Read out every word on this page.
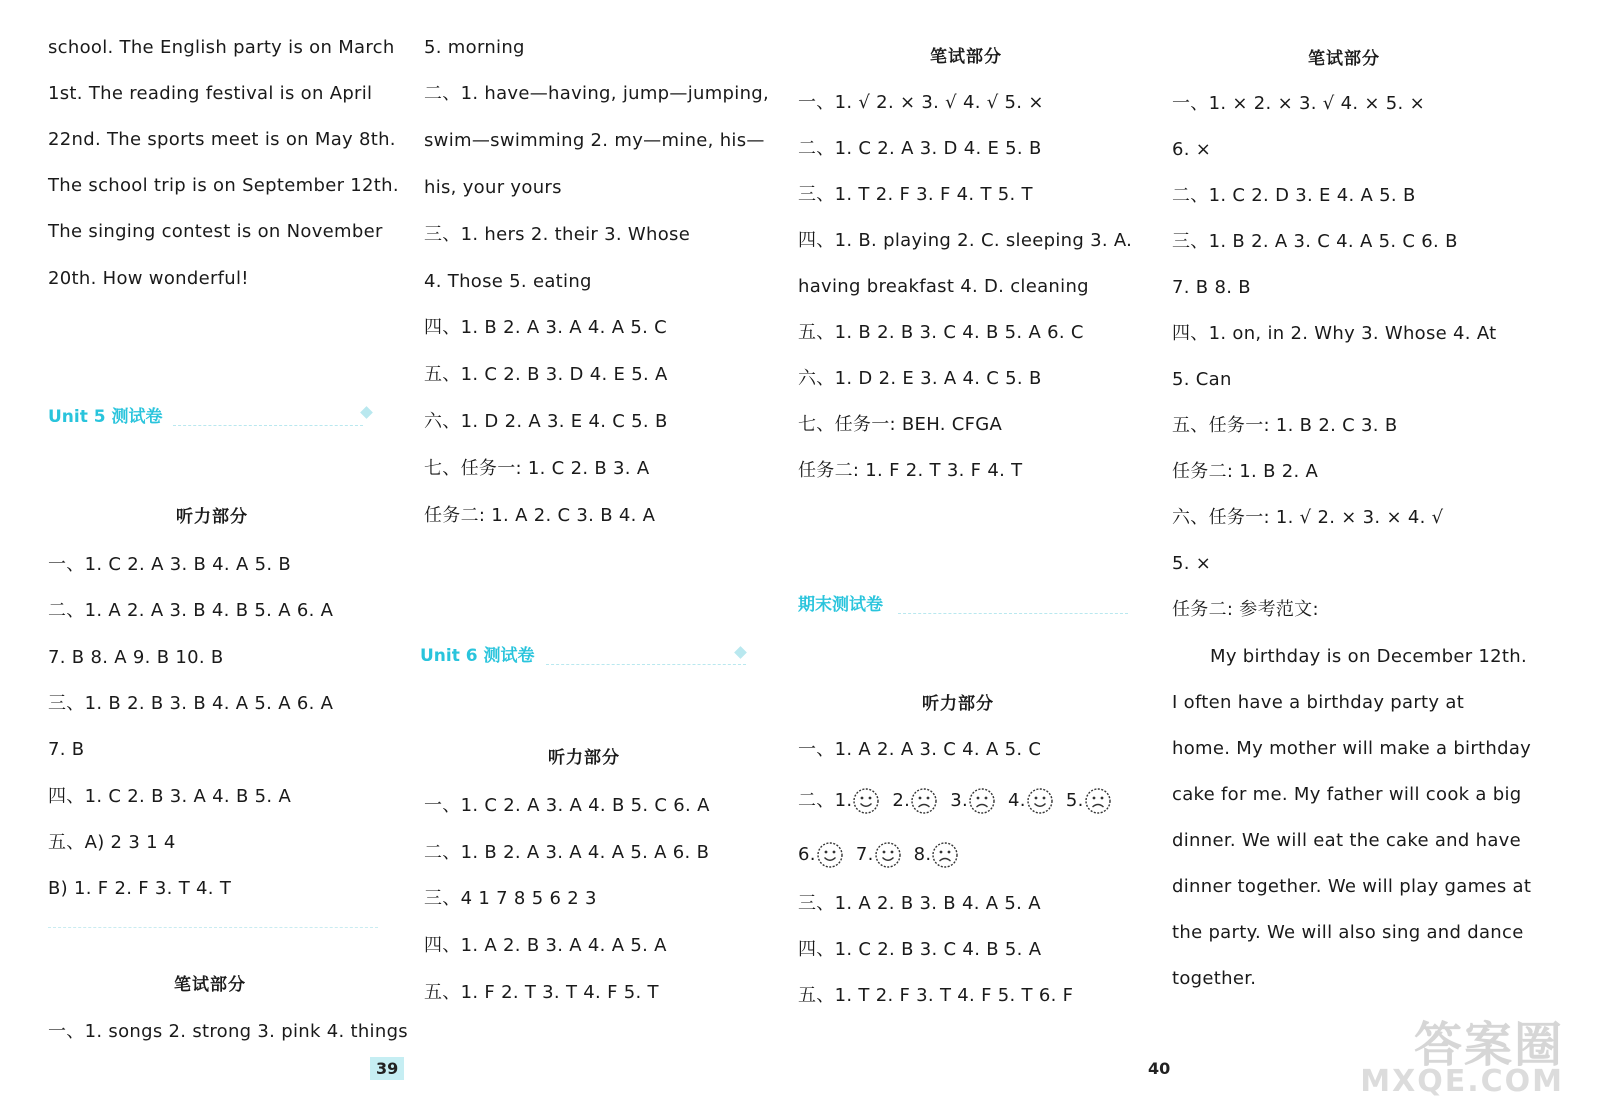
school. The English party is on March
1st. The reading festival is on April
22nd. The sports meet is on May 8th.
The school trip is on September 12th.
The singing contest is on November
20th. How wonderful!
Unit 5 测试卷
听力部分
一、1. C 2. A 3. B 4. A 5. B
二、1. A 2. A 3. B 4. B 5. A 6. A
7. B 8. A 9. B 10. B
三、1. B 2. B 3. B 4. A 5. A 6. A
7. B
四、1. C 2. B 3. A 4. B 5. A
五、A) 2 3 1 4
B) 1. F 2. F 3. T 4. T
笔试部分
一、1. songs 2. strong 3. pink 4. things
5. morning
二、1. have—having, jump—jumping,
swim—swimming 2. my—mine, his—
his, your yours
三、1. hers 2. their 3. Whose
4. Those 5. eating
四、1. B 2. A 3. A 4. A 5. C
五、1. C 2. B 3. D 4. E 5. A
六、1. D 2. A 3. E 4. C 5. B
七、任务一: 1. C 2. B 3. A
任务二: 1. A 2. C 3. B 4. A
Unit 6 测试卷
听力部分
一、1. C 2. A 3. A 4. B 5. C 6. A
二、1. B 2. A 3. A 4. A 5. A 6. B
三、4 1 7 8 5 6 2 3
四、1. A 2. B 3. A 4. A 5. A
五、1. F 2. T 3. T 4. F 5. T
笔试部分
一、1. √ 2. × 3. √ 4. √ 5. ×
二、1. C 2. A 3. D 4. E 5. B
三、1. T 2. F 3. F 4. T 5. T
四、1. B. playing 2. C. sleeping 3. A.
having breakfast 4. D. cleaning
五、1. B 2. B 3. C 4. B 5. A 6. C
六、1. D 2. E 3. A 4. C 5. B
七、任务一: BEH. CFGA
任务二: 1. F 2. T 3. F 4. T
期末测试卷
听力部分
一、1. A 2. A 3. C 4. A 5. C
二、1. 2. 3. 4. 5.
6. 7. 8.
三、1. A 2. B 3. B 4. A 5. A
四、1. C 2. B 3. C 4. B 5. A
五、1. T 2. F 3. T 4. F 5. T 6. F
笔试部分
一、1. × 2. × 3. √ 4. × 5. ×
6. ×
二、1. C 2. D 3. E 4. A 5. B
三、1. B 2. A 3. C 4. A 5. C 6. B
7. B 8. B
四、1. on, in 2. Why 3. Whose 4. At
5. Can
五、任务一: 1. B 2. C 3. B
任务二: 1. B 2. A
六、任务一: 1. √ 2. × 3. × 4. √
5. ×
任务二: 参考范文:
My birthday is on December 12th.
I often have a birthday party at
home. My mother will make a birthday
cake for me. My father will cook a big
dinner. We will eat the cake and have
dinner together. We will play games at
the party. We will also sing and dance
together.
39	40	答案圈
MXQE.COM
